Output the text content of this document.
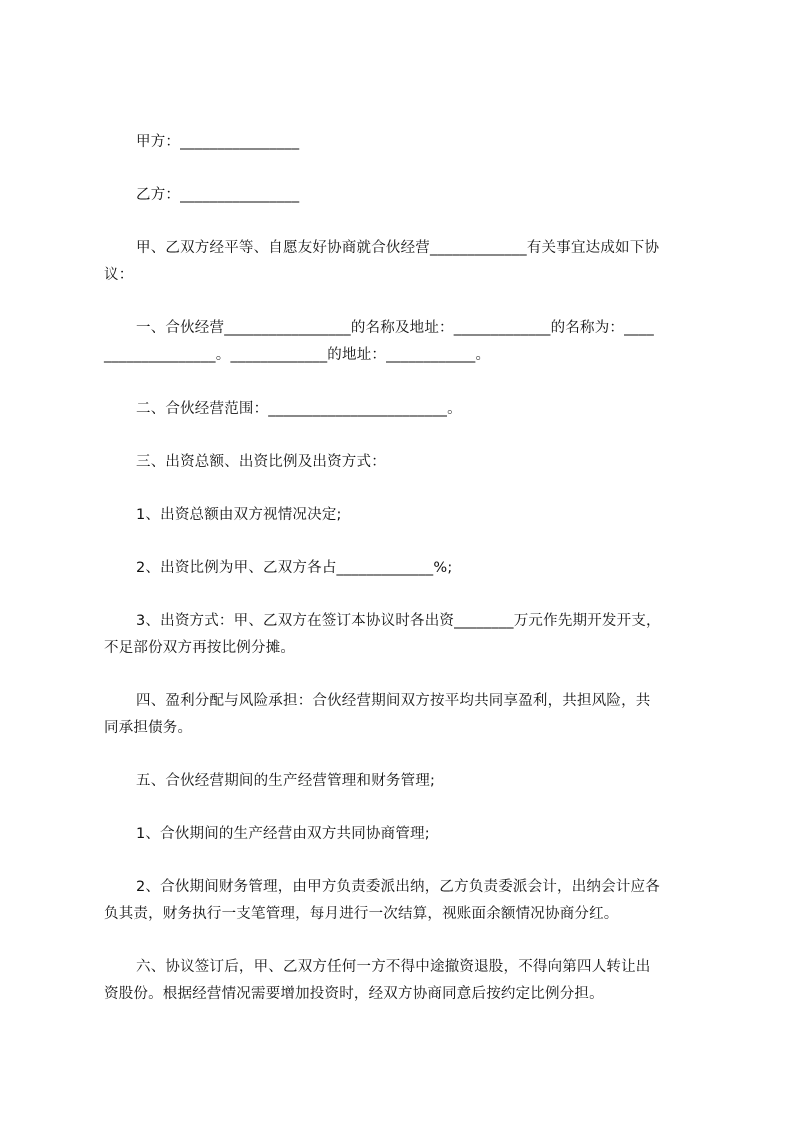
甲方：________________
乙方：________________
甲、乙双方经平等、自愿友好协商就合伙经营_____________有关事宜达成如下协
议：
一、合伙经营_________________的名称及地址：_____________的名称为：____
_______________。_____________的地址：____________。
二、合伙经营范围：________________________。
三、出资总额、出资比例及出资方式：
1、出资总额由双方视情况决定;
2、出资比例为甲、乙双方各占_____________%;
3、出资方式：甲、乙双方在签订本协议时各出资________万元作先期开发开支，
不足部份双方再按比例分摊。
四、盈利分配与风险承担：合伙经营期间双方按平均共同享盈利，共担风险，共
同承担债务。
五、合伙经营期间的生产经营管理和财务管理;
1、合伙期间的生产经营由双方共同协商管理;
2、合伙期间财务管理，由甲方负责委派出纳，乙方负责委派会计，出纳会计应各
负其责，财务执行一支笔管理，每月进行一次结算，视账面余额情况协商分红。
六、协议签订后，甲、乙双方任何一方不得中途撤资退股，不得向第四人转让出
资股份。根据经营情况需要增加投资时，经双方协商同意后按约定比例分担。
